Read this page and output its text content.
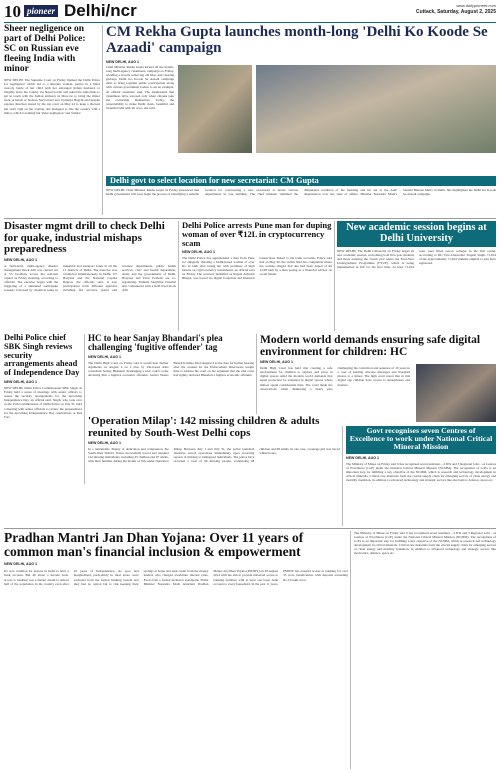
10 pioneer Delhi/ncr	www.dailypioneer.com
Cuttack, Saturday, August 2, 2025
Sheer negligence on part of Delhi Police: SC on Russian eve fleeing India with minor
NEW DELHI: The Supreme Court on Friday blamed the Delhi Police for 'negligence' which led to a Russian woman, patriot in a bitter custody battle of her child with her estranged Indian husband, to illegally leave the country via Nepal border and asked the authorities to get in touch with the Indian embassy in Moscow to bring the minor back. A bench of Justices Surya Kant and Joymalya Bagchi said despite express direction issued by the top court on May 22 to keep a discreet but strict vigil on the woman, she managed to flee the country with a minor, which is nothing but 'sheer negligence' and 'failure'.
CM Rekha Gupta launches month-long 'Delhi Ko Koode Se Azaadi' campaign
NEW DELHI, AUG 1
Chief Minister Rekha Gupta kicked off the month-long multi-agency cleanliness campaign on Friday, wielding a broom, removing old files, and clearing garbage. Delhi Ko Koode Se Azaadi campaign aims to bring together public participation along with various government bodies to set an example, an official statement said. The emphasised that cleanliness drive succeed only when citizens take the ownership themselves. Today, the responsibility to make Delhi clean, beautiful and beautiful falls with all of us, she said.
Delhi govt to select location for new secretariat: CM Gupta
NEW DELHI: Chief Minister Rekha Gupta on Friday announced that Delhi government will soon begin the process of identifying a suitable location for constructing a new secretariat to house various departments in one building. The chief minister slammed the dilapidated condition of the building and hit out at the AAP dispensation over the state of affairs. Minister Narendra Modi's Sansthi Bhavan Metro in Delhi. She highlighted the Delhi Ko Koode Se Azaadi campaign.
Disaster mgmt drill to check Delhi for quake, industrial mishaps preparedness
NEW DELHI, AUG 1
A field-level, multi-agency disaster management mock drill was carried out at 55 locations across the national capital on Friday morning, according to officials. The exercise began with the triggering of a simulated earthquake scenario followed by chemical leaks in industrial and transport zones in all the 11 districts of Delhi. The exercise was conducted simultaneously in Delhi, UT Haryana and the National Capital Region, the officials said. It saw participation from different agencies including fire services, police and revenue departments, public health services, civic and health department, Army and the governments of Delhi, Haryana and Uttar Pradesh are co-organizing. Yamuna Sanjivika Chaubal also volunteered with a field level mock drill.
Delhi Police arrests Pune man for duping woman of over ₹12L in cryptocurrency scam
NEW DELHI, AUG 1
The Delhi Police has apprehended a man from Pune for allegedly cheating a Delhi-based woman of over Rs 12 lakh after luring her with promises of high returns on cryptocurrency investments, an official said on Friday. The accused, identified as Rajesh Ashwini Bhagat, was traced via digital footprints and financial transactions linked to his bank accounts. Police said that on May 20, the victim filed two complaints where the woman alleged that she had been duped of Rs 12.98 lakh by a man posing as a financial advisor on social media.
New academic session begins at Delhi University
NEW DELHI: The Delhi University on Friday began its new academic session, welcoming both first-year students and those entering the fourth year under the Four-Year Undergraduate Programme (FYUP), which is being implemented in full for the first time. At least 71,624 seats were filled across colleges in the first round. According to DU Vice-Chancellor Yogesh Singh, 71,814 of the approximately 71,624 students eligible to join have registered.
Delhi Police chief SBK Singh reviews security arrangements ahead of Independence Day
NEW DELHI, AUG 1
NEW DELHI: Delhi Police Commissioner SBK Singh on Friday held a series of meetings with senior officers to assess the security arrangements for the upcoming Independence Day, an official said. Singh, who took over as the 25th Commissioner of Delhi Police on July 31, held a meeting with senior officials to review the preparedness for the upcoming Independence Day celebrations at Red Fort.
HC to hear Sanjay Bhandari's plea challenging 'fugitive offender' tag
NEW DELHI, AUG 1
The Delhi High Court on Friday said it would hear further arguments on August 4 on a plea by UK-based arms consultant Sanjay Bhandari challenging a trial court's order declaring him a fugitive economic offender. Justice Neena Bansal Krishna fixed August 4 as the date for further hearing after the counsel for the Enforcement Directorate sought time to address the court on the argument that the trial court had rightly declared Bhandari a fugitive economic offender.
Modern world demands ensuring safe digital environment for children: HC
NEW DELHI, AUG 1
Delhi High Court has held that creating a safe environment for children to explore and grow in digital spaces amid the modern world demands that equal protection be extended in digital spaces where minors spend considerable time. The court made the observations while dismissing a man's plea challenging his conviction and sentence of 10 years in a case of sending obscene messages and morphed photos to a minor. The high court noted that in this digital age children have access to smartphones and internet.
'Operation Milap': 142 missing children & adults reunited by South-West Delhi cops
NEW DELHI, AUG 1
In a remarkable display of dedication and compassion, the South-West District Police successfully traced and reunited 142 missing individuals, including 45 children and 97 adults, with their families during the month of July under Operation Milap. Between July 1 and July 31, the police launched intensive search operations immediately upon receiving reports of missing or kidnapped individuals. The police have recorded a total of 96 missing people, comprising 28 children and 68 adults. In one case, a teenage girl was traced within hours.
Govt recognises seven Centres of Excellence to work under National Critical Mineral Mission
NEW DELHI, AUG 1
The Ministry of Mines on Friday said it has recognised seven institutes - 4 IITs and 3 Regional Labs - as Centres of Excellence (CoE) under the National Critical Mineral Mission (NCMM). The recognition of CoEs is an important step for fulfilling a key objective of the NCMM, which is research and technology development in critical minerals. Critical raw materials form the crucial supply chain for emerging sectors of clean energy and mobility transition, in addition to advanced technology and strategic sectors like electronics, defence, space etc.
Pradhan Mantri Jan Dhan Yojana: Over 11 years of common man's financial inclusion & empowerment
NEW DELHI, AUG 1
It's now common for anyone in India to have a bank account. But 40 about a decade back, access to banking was a distant dream to almost half of the population in the country even after 65 years of Independence. As poor and marginalised, particularly in rural areas, were excluded from the formal banking system and they had no option but to risk keeping their savings at home and seek credit from the money lenders who charged exorbitant interest rates. Even from a formal inclusion standpoint, Prime Minister Narendra Modi launched Pradhan Mantri Jan Dhan Yojana (PMJDY) on 28 August 2014 with the aim to provide universal access to banking facilities with at least one basic bank account to every household. In the past 11 years, PMJDY has ensured access to banking for over 55 crore beneficiaries, with deposits exceeding Rs 2.6 lakh crore.
The Ministry of Mines on Friday said it has recognised seven institutes - 4 IITs and 3 Regional Labs - as Centres of Excellence (CoE) under the National Critical Mineral Mission (NCMM). The recognition of CoEs is an important step for fulfilling a key objective of the NCMM, which is research and technology development in critical minerals. Critical raw materials form the crucial supply chain for emerging sectors of clean energy and mobility transition, in addition to advanced technology and strategic sectors like electronics, defence, space etc.
